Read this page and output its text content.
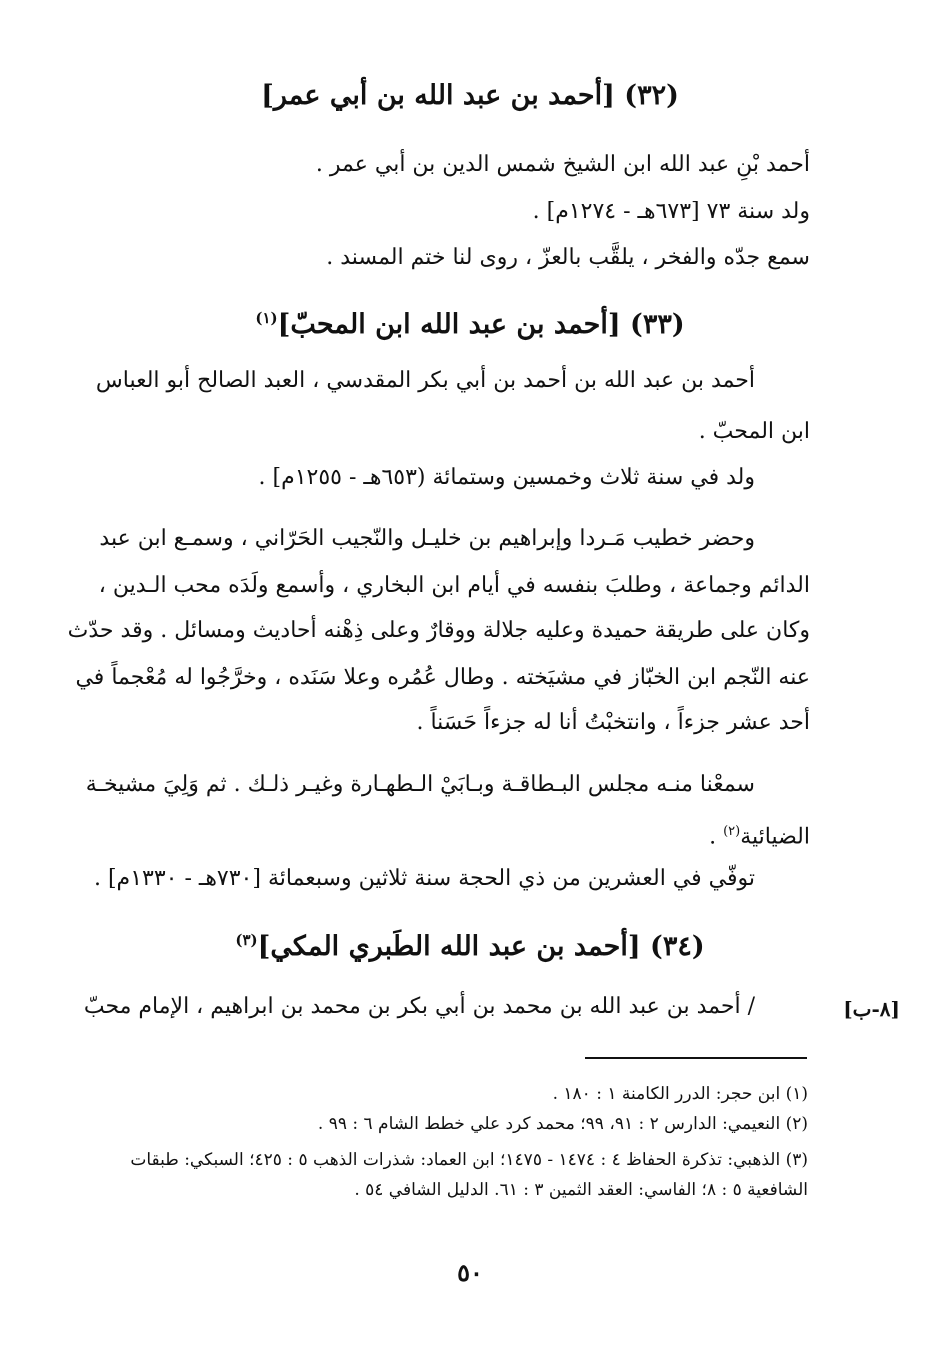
(٣٢) [أحمد بن عبد الله بن أبي عمر]
أحمد بْنِ عبد الله ابن الشيخ شمس الدين بن أبي عمر .
ولد سنة ٧٣ [٦٧٣هـ - ١٢٧٤م] .
سمع جدّه والفخر ، يلقَّب بالعزّ ، روى لنا ختم المسند .
(٣٣) [أحمد بن عبد الله ابن المحبّ]$^{(١)}$
أحمد بن عبد الله بن أحمد بن أبي بكر المقدسي ، العبد الصالح أبو العباس
ابن المحبّ .
ولد في سنة ثلاث وخمسين وستمائة (٦٥٣هـ - ١٢٥٥م] .
وحضر خطيب مَـردا وإبراهيم بن خليـل والنّجيب الحَرّاني ، وسمـع ابن عبد
الدائم وجماعة ، وطلبَ بنفسه في أيام ابن البخاري ، وأسمع ولَدَه محب الـدين ،
وكان على طريقة حميدة وعليه جلالة ووقارٌ وعلى ذِهْنه أحاديث ومسائل . وقد حدّث
عنه النّجم ابن الخبّاز في مشيَخته . وطال عُمُره وعلا سَنَده ، وخرَّجُوا له مُعْجماً في
أحد عشر جزءاً ، وانتخبْتُ أنا له جزءاً حَسَناً .
سمعْنا منـه مجلس البـطاقـة وبـابَيْ الـطهـارة وغيـر ذلـك . ثم وَلِيَ مشيخـة
الضيائية$^{(٢)}$ .
توفّي في العشرين من ذي الحجة سنة ثلاثين وسبعمائة [٧٣٠هـ - ١٣٣٠م] .
(٣٤) [أحمد بن عبد الله الطَبري المكي]$^{(٣)}$
/ أحمد بن عبد الله بن محمد بن أبي بكر بن محمد بن ابراهيم ، الإمام محبّ	[٨-ب]
(١) ابن حجر: الدرر الكامنة ١ : ١٨٠ .
(٢) النعيمي: الدارس ٢ : ٩١، ٩٩؛ محمد كرد علي خطط الشام ٦ : ٩٩ .
(٣) الذهبي: تذكرة الحفاظ ٤ : ١٤٧٤ - ١٤٧٥؛ ابن العماد: شذرات الذهب ٥ : ٤٢٥؛ السبكي: طبقات
الشافعية ٥ : ٨؛ الفاسي: العقد الثمين ٣ : ٦١. الدليل الشافي ٥٤ .
٥٠
